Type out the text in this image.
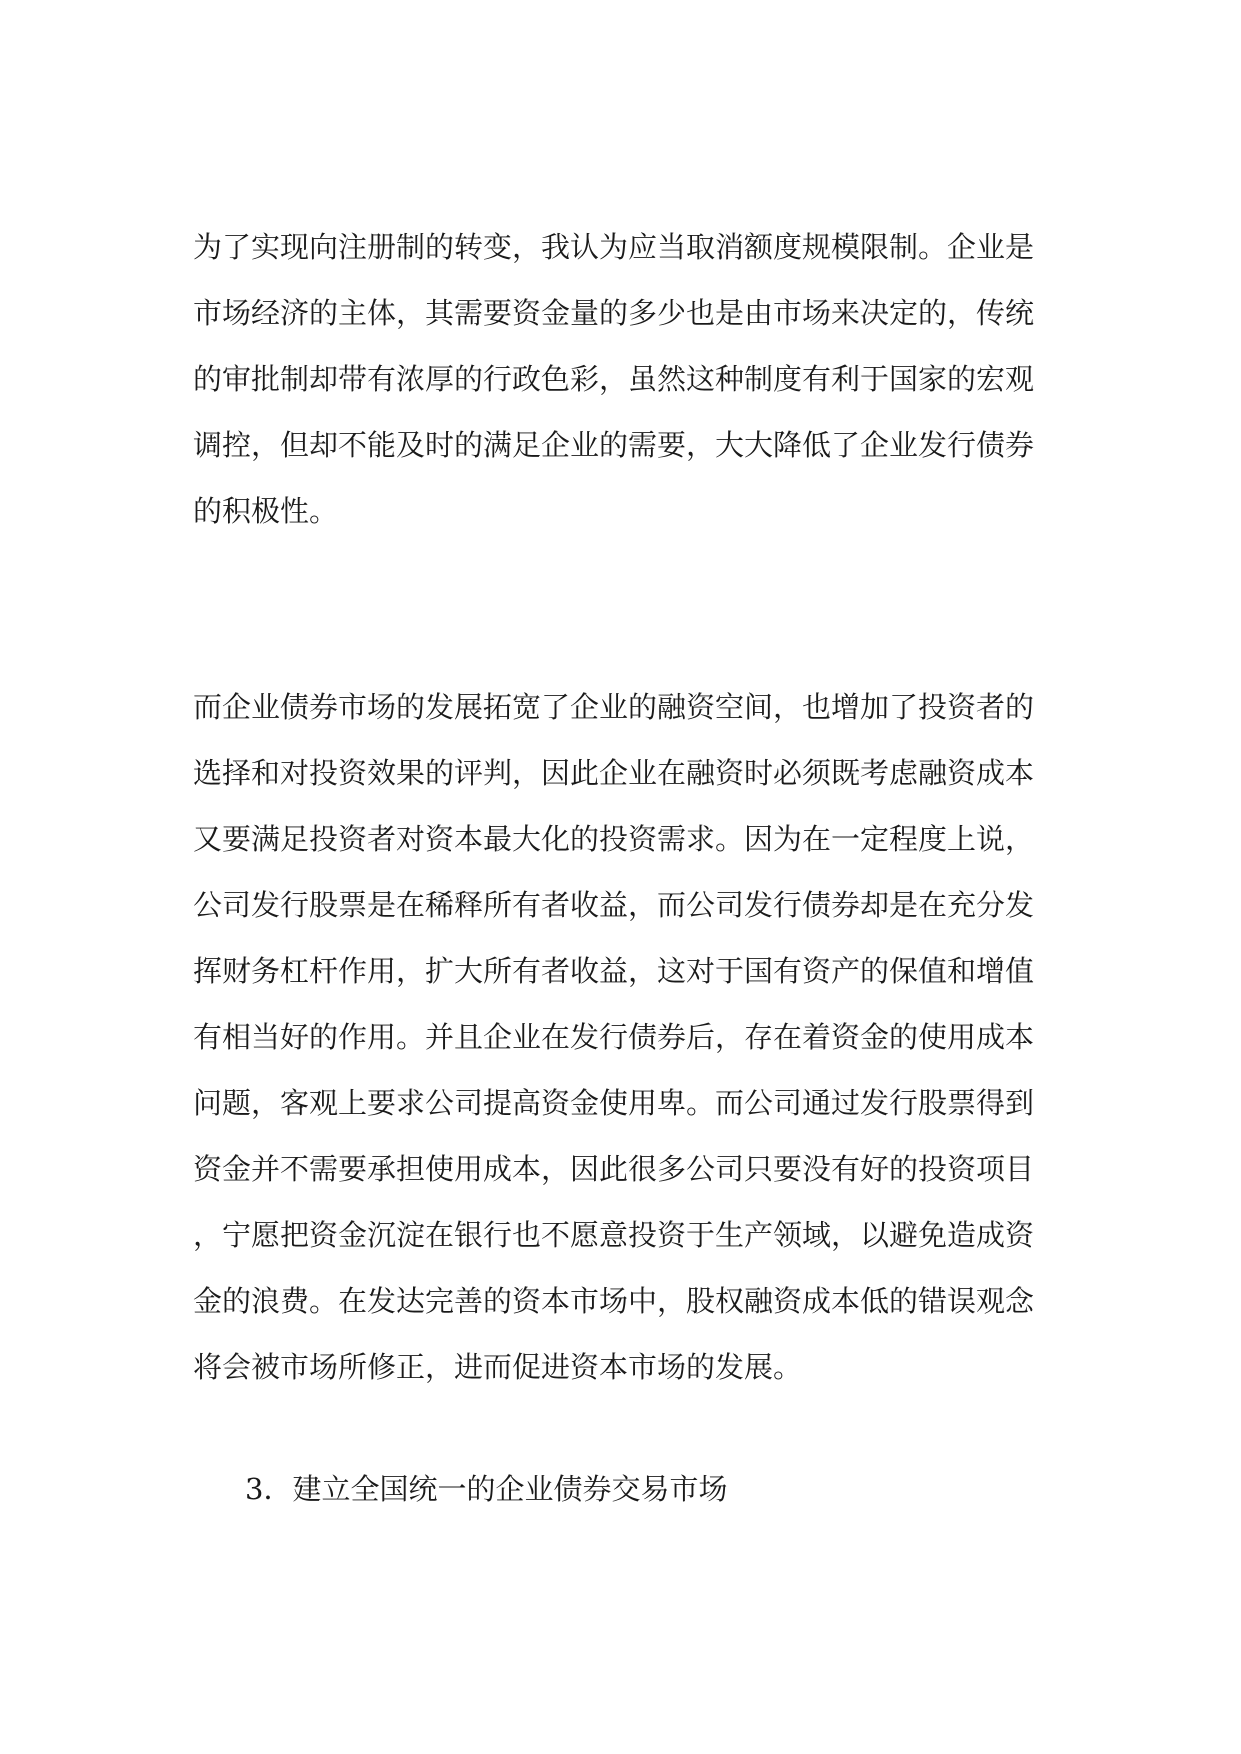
为了实现向注册制的转变，我认为应当取消额度规模限制。企业是
市场经济的主体，其需要资金量的多少也是由市场来决定的，传统
的审批制却带有浓厚的行政色彩，虽然这种制度有利于国家的宏观
调控，但却不能及时的满足企业的需要，大大降低了企业发行债券
的积极性。
而企业债券市场的发展拓宽了企业的融资空间，也增加了投资者的
选择和对投资效果的评判，因此企业在融资时必须既考虑融资成本
又要满足投资者对资本最大化的投资需求。因为在一定程度上说，
公司发行股票是在稀释所有者收益，而公司发行债券却是在充分发
挥财务杠杆作用，扩大所有者收益，这对于国有资产的保值和增值
有相当好的作用。并且企业在发行债券后，存在着资金的使用成本
问题，客观上要求公司提高资金使用卑。而公司通过发行股票得到
资金并不需要承担使用成本，因此很多公司只要没有好的投资项目
，宁愿把资金沉淀在银行也不愿意投资于生产领域，以避免造成资
金的浪费。在发达完善的资本市场中，股权融资成本低的错误观念
将会被市场所修正，进而促进资本市场的发展。
3．建立全国统一的企业债券交易市场
